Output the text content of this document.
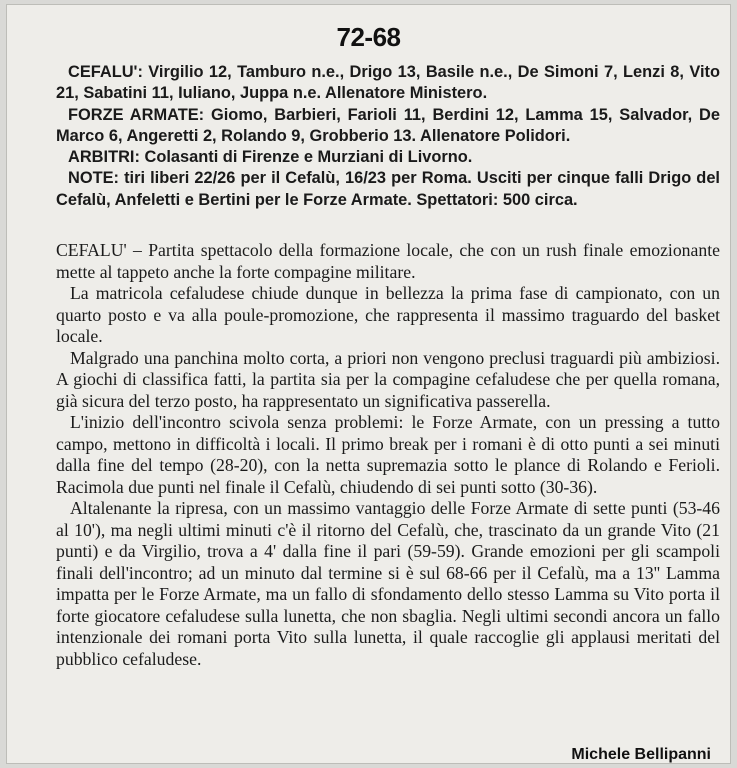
72-68

CEFALU': Virgilio 12, Tamburo n.e., Drigo 13, Basile n.e., De Simoni 7, Lenzi 8, Vito 21, Sabatini 11, Iuliano, Juppa n.e. Allenatore Ministero.

FORZE ARMATE: Giomo, Barbieri, Farioli 11, Berdini 12, Lamma 15, Salvador, De Marco 6, Angeretti 2, Rolando 9, Grobberio 13. Allenatore Polidori.

ARBITRI: Colasanti di Firenze e Murziani di Livorno.

NOTE: tiri liberi 22/26 per il Cefalù, 16/23 per Roma. Usciti per cinque falli Drigo del Cefalù, Anfeletti e Bertini per le Forze Armate. Spettatori: 500 circa.

CEFALU' – Partita spettacolo della formazione locale, che con un rush finale emozionante mette al tappeto anche la forte compagine militare.

La matricola cefaludese chiude dunque in bellezza la prima fase di campionato, con un quarto posto e va alla poule-promozione, che rappresenta il massimo traguardo del basket locale.

Malgrado una panchina molto corta, a priori non vengono preclusi traguardi più ambiziosi. A giochi di classifica fatti, la partita sia per la compagine cefaludese che per quella romana, già sicura del terzo posto, ha rappresentato un significativa passerella.

L'inizio dell'incontro scivola senza problemi: le Forze Armate, con un pressing a tutto campo, mettono in difficoltà i locali. Il primo break per i romani è di otto punti a sei minuti dalla fine del tempo (28-20), con la netta supremazia sotto le plance di Rolando e Ferioli. Racimola due punti nel finale il Cefalù, chiudendo di sei punti sotto (30-36).

Altalenante la ripresa, con un massimo vantaggio delle Forze Armate di sette punti (53-46 al 10'), ma negli ultimi minuti c'è il ritorno del Cefalù, che, trascinato da un grande Vito (21 punti) e da Virgilio, trova a 4' dalla fine il pari (59-59). Grande emozioni per gli scampoli finali dell'incontro; ad un minuto dal termine si è sul 68-66 per il Cefalù, ma a 13'' Lamma impatta per le Forze Armate, ma un fallo di sfondamento dello stesso Lamma su Vito porta il forte giocatore cefaludese sulla lunetta, che non sbaglia. Negli ultimi secondi ancora un fallo intenzionale dei romani porta Vito sulla lunetta, il quale raccoglie gli applausi meritati del pubblico cefaludese.

Michele Bellipanni
